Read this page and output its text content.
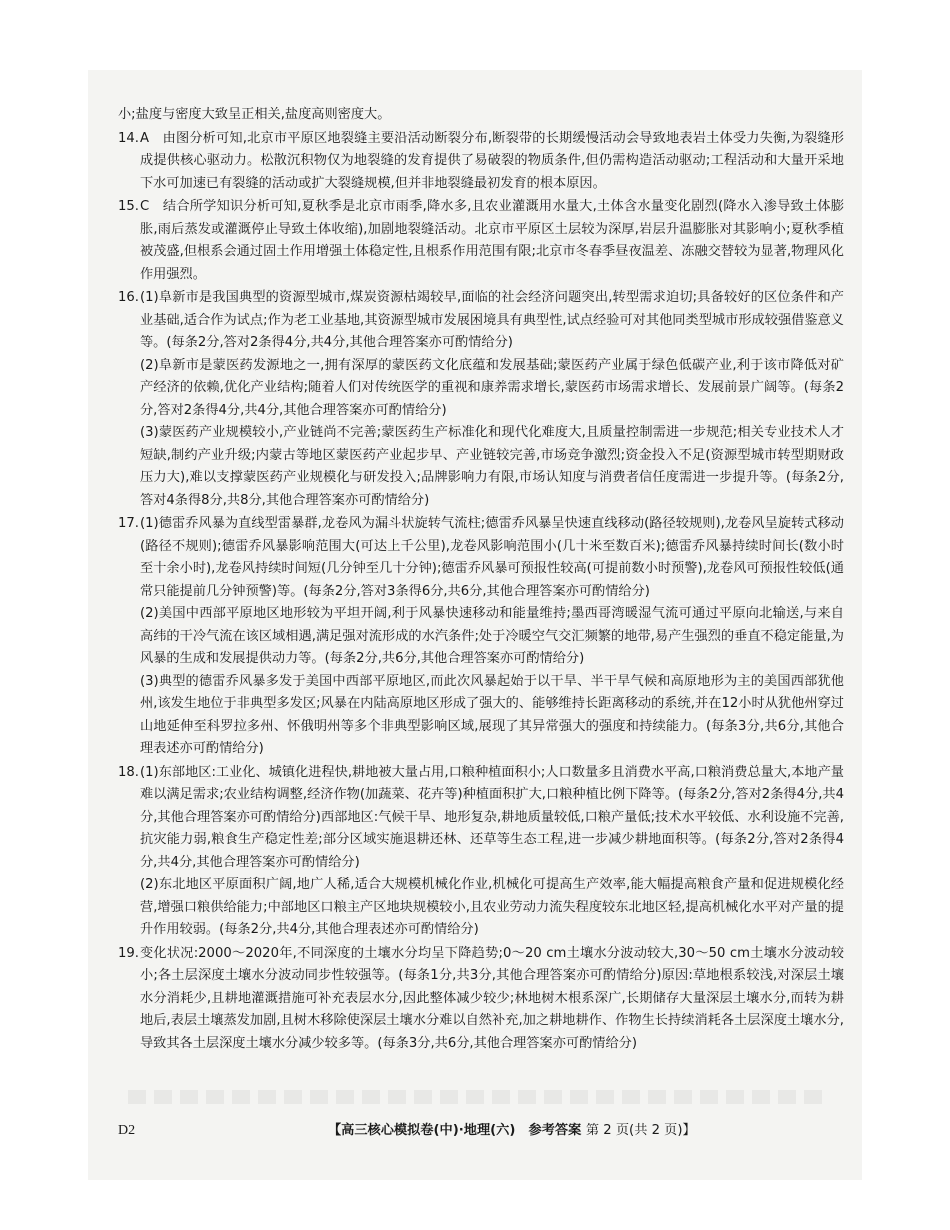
小;盐度与密度大致呈正相关,盐度高则密度大。
14. A　由图分析可知,北京市平原区地裂缝主要沿活动断裂分布,断裂带的长期缓慢活动会导致地表岩土体受力失衡,为裂缝形成提供核心驱动力。松散沉积物仅为地裂缝的发育提供了易破裂的物质条件,但仍需构造活动驱动;工程活动和大量开采地下水可加速已有裂缝的活动或扩大裂缝规模,但并非地裂缝最初发育的根本原因。
15. C　结合所学知识分析可知,夏秋季是北京市雨季,降水多,且农业灌溉用水量大,土体含水量变化剧烈(降水入渗导致土体膨胀,雨后蒸发或灌溉停止导致土体收缩),加剧地裂缝活动。北京市平原区土层较为深厚,岩层升温膨胀对其影响小;夏秋季植被茂盛,但根系会通过固土作用增强土体稳定性,且根系作用范围有限;北京市冬春季昼夜温差、冻融交替较为显著,物理风化作用强烈。
16. (1)阜新市是我国典型的资源型城市,煤炭资源枯竭较早,面临的社会经济问题突出,转型需求迫切;具备较好的区位条件和产业基础,适合作为试点;作为老工业基地,其资源型城市发展困境具有典型性,试点经验可对其他同类型城市形成较强借鉴意义等。(每条2分,答对2条得4分,共4分,其他合理答案亦可酌情给分)
(2)阜新市是蒙医药发源地之一,拥有深厚的蒙医药文化底蕴和发展基础;蒙医药产业属于绿色低碳产业,利于该市降低对矿产经济的依赖,优化产业结构;随着人们对传统医学的重视和康养需求增长,蒙医药市场需求增长、发展前景广阔等。(每条2分,答对2条得4分,共4分,其他合理答案亦可酌情给分)
(3)蒙医药产业规模较小,产业链尚不完善;蒙医药生产标准化和现代化难度大,且质量控制需进一步规范;相关专业技术人才短缺,制约产业升级;内蒙古等地区蒙医药产业起步早、产业链较完善,市场竞争激烈;资金投入不足(资源型城市转型期财政压力大),难以支撑蒙医药产业规模化与研发投入;品牌影响力有限,市场认知度与消费者信任度需进一步提升等。(每条2分,答对4条得8分,共8分,其他合理答案亦可酌情给分)
17. (1)德雷乔风暴为直线型雷暴群,龙卷风为漏斗状旋转气流柱;德雷乔风暴呈快速直线移动(路径较规则),龙卷风呈旋转式移动(路径不规则);德雷乔风暴影响范围大(可达上千公里),龙卷风影响范围小(几十米至数百米);德雷乔风暴持续时间长(数小时至十余小时),龙卷风持续时间短(几分钟至几十分钟);德雷乔风暴可预报性较高(可提前数小时预警),龙卷风可预报性较低(通常只能提前几分钟预警)等。(每条2分,答对3条得6分,共6分,其他合理答案亦可酌情给分)
(2)美国中西部平原地区地形较为平坦开阔,利于风暴快速移动和能量维持;墨西哥湾暖湿气流可通过平原向北输送,与来自高纬的干冷气流在该区域相遇,满足强对流形成的水汽条件;处于冷暖空气交汇频繁的地带,易产生强烈的垂直不稳定能量,为风暴的生成和发展提供动力等。(每条2分,共6分,其他合理答案亦可酌情给分)
(3)典型的德雷乔风暴多发于美国中西部平原地区,而此次风暴起始于以干旱、半干旱气候和高原地形为主的美国西部犹他州,该发生地位于非典型多发区;风暴在内陆高原地区形成了强大的、能够维持长距离移动的系统,并在12小时从犹他州穿过山地延伸至科罗拉多州、怀俄明州等多个非典型影响区域,展现了其异常强大的强度和持续能力。(每条3分,共6分,其他合理表述亦可酌情给分)
18. (1)东部地区:工业化、城镇化进程快,耕地被大量占用,口粮种植面积小;人口数量多且消费水平高,口粮消费总量大,本地产量难以满足需求;农业结构调整,经济作物(加蔬菜、花卉等)种植面积扩大,口粮种植比例下降等。(每条2分,答对2条得4分,共4分,其他合理答案亦可酌情给分)西部地区:气候干旱、地形复杂,耕地质量较低,口粮产量低;技术水平较低、水利设施不完善,抗灾能力弱,粮食生产稳定性差;部分区域实施退耕还林、还草等生态工程,进一步减少耕地面积等。(每条2分,答对2条得4分,共4分,其他合理答案亦可酌情给分)
(2)东北地区平原面积广阔,地广人稀,适合大规模机械化作业,机械化可提高生产效率,能大幅提高粮食产量和促进规模化经营,增强口粮供给能力;中部地区口粮主产区地块规模较小,且农业劳动力流失程度较东北地区轻,提高机械化水平对产量的提升作用较弱。(每条2分,共4分,其他合理表述亦可酌情给分)
19. 变化状况:2000～2020年,不同深度的土壤水分均呈下降趋势;0～20 cm土壤水分波动较大,30～50 cm土壤水分波动较小;各土层深度土壤水分波动同步性较强等。(每条1分,共3分,其他合理答案亦可酌情给分)原因:草地根系较浅,对深层土壤水分消耗少,且耕地灌溉措施可补充表层水分,因此整体减少较少;林地树木根系深广,长期储存大量深层土壤水分,而转为耕地后,表层土壤蒸发加剧,且树木移除使深层土壤水分难以自然补充,加之耕地耕作、作物生长持续消耗各土层深度土壤水分,导致其各土层深度土壤水分减少较多等。(每条3分,共6分,其他合理答案亦可酌情给分)
D2	【高三核心模拟卷(中)·地理(六)　参考答案 第 2 页(共 2 页)】
